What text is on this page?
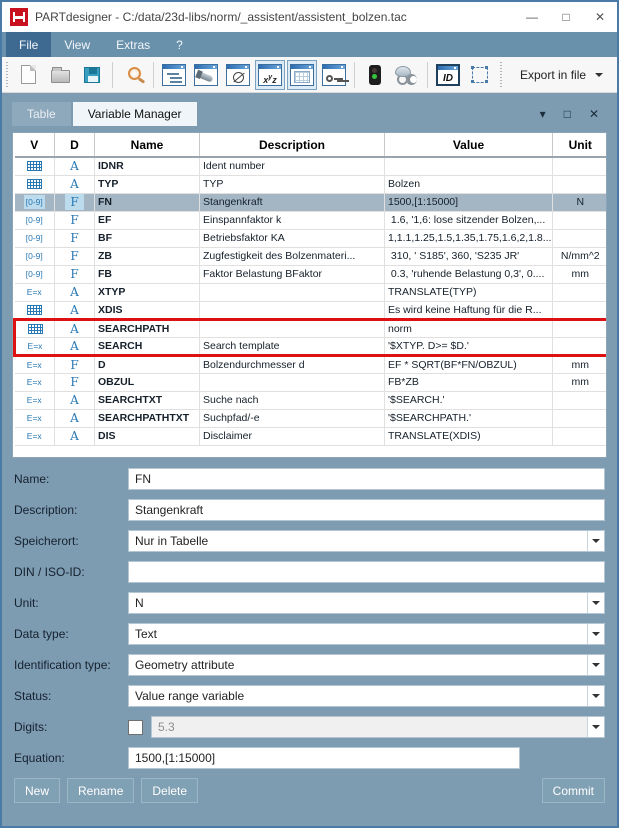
PARTdesigner - C:/data/23d-libs/norm/_assistent/assistent_bolzen.tac	—	□	✕
File	View	Extras	?
$x^yz$	ID	Export in file
Table	Variable Manager	▾ □ ✕
V	D	Name	Description	Value	Unit
	A	IDNR	Ident number		
	A	TYP	TYP	Bolzen	
[0-9]	F	FN	Stangenkraft	1500,[1:15000]	N
[0-9]	F	EF	Einspannfaktor k	1.6, '1,6: lose sitzender Bolzen,...	
[0-9]	F	BF	Betriebsfaktor KA	1,1.1,1.25,1.5,1.35,1.75,1.6,2,1.8...	
[0-9]	F	ZB	Zugfestigkeit des Bolzenmateri...	310, ' S185', 360, 'S235 JR'	N/mm^2
[0-9]	F	FB	Faktor Belastung BFaktor	0.3, 'ruhende Belastung 0,3', 0....	mm
E=x	A	XTYP		TRANSLATE(TYP)	
	A	XDIS		Es wird keine Haftung für die R...	
	A	SEARCHPATH		norm	
E=x	A	SEARCH	Search template	'$XTYP. D>= $D.'	
E=x	F	D	Bolzendurchmesser d	EF * SQRT(BF*FN/OBZUL)	mm
E=x	F	OBZUL		FB*ZB	mm
E=x	A	SEARCHTXT	Suche nach	'$SEARCH.'	
E=x	A	SEARCHPATHTXT	Suchpfad/-e	'$SEARCHPATH.'	
E=x	A	DIS	Disclaimer	TRANSLATE(XDIS)	
Name:
FN
Description:
Stangenkraft
Speicherort:	Nur in Tabelle
DIN / ISO-ID:
Unit:	N
Data type:	Text
Identification type:	Geometry attribute
Status:	Value range variable
Digits:	5.3
Equation:
1500,[1:15000]
New	Rename	Delete	Commit
